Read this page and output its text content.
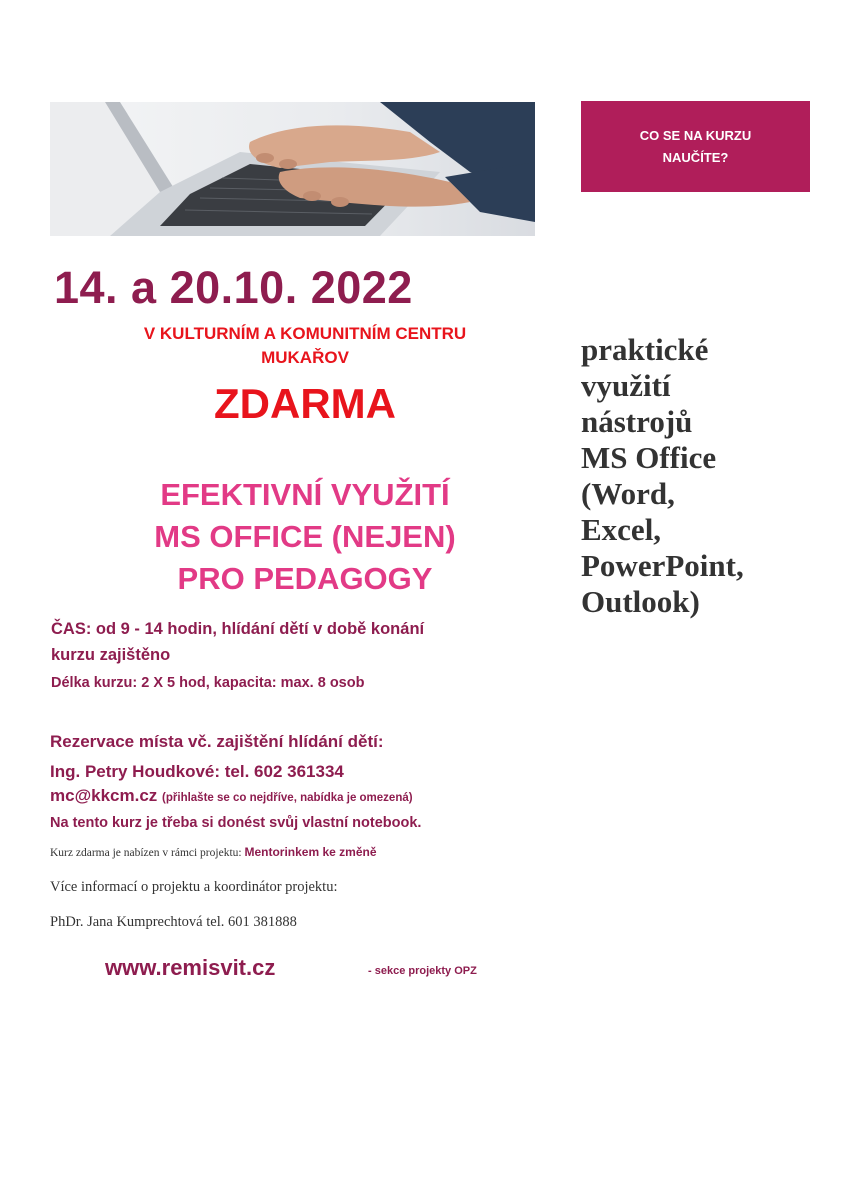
CO SE NA KURZU NAUČÍTE?
14. a 20.10. 2022
V KULTURNÍM A KOMUNITNÍM CENTRU
MUKAŘOV
ZDARMA
EFEKTIVNÍ VYUŽITÍ
MS OFFICE (NEJEN)
PRO PEDAGOGY
ČAS: od 9 - 14 hodin, hlídání dětí v době konání
kurzu zajištěno
Délka kurzu: 2 X 5 hod, kapacita: max. 8 osob
Rezervace místa vč. zajištění hlídání dětí:
Ing. Petry Houdkové: tel. 602 361334
mc@kkcm.cz (přihlašte se co nejdříve, nabídka je omezená)
Na tento kurz je třeba si donést svůj vlastní notebook.
Kurz zdarma je nabízen v rámci projektu: Mentorinkem ke změně
Více informací o projektu a koordinátor projektu:
PhDr. Jana Kumprechtová tel. 601 381888
www.remisvit.cz	- sekce projekty OPZ
praktické
využití
nástrojů
MS Office
(Word,
Excel,
PowerPoint,
Outlook)
